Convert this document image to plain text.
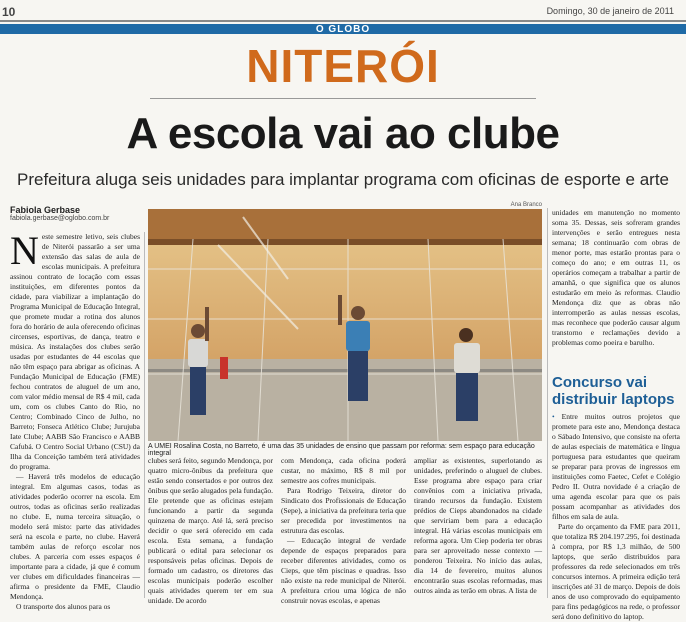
10	Domingo, 30 de janeiro de 2011
O GLOBO
NITERÓI
A escola vai ao clube
Prefeitura aluga seis unidades para implantar programa com oficinas de esporte e arte
Fabiola Gerbase
fabiola.gerbase@oglobo.com.br
Ana Branco
A UMEI Rosalina Costa, no Barreto, é uma das 35 unidades de ensino que passam por reforma: sem espaço para educação integral

Neste semestre letivo, seis clubes de Niterói passarão a ser uma extensão das salas de aula de escolas municipais. A prefeitura assinou contrato de locação com essas instituições, em diferentes pontos da cidade, para viabilizar a implantação do Programa Municipal de Educação Integral, que promete mudar a rotina dos alunos fora do horário de aula oferecendo oficinas circenses, esportivas, de dança, teatro e música. As instalações dos clubes serão usadas por estudantes de 44 escolas que não têm espaço para abrigar as oficinas. A Fundação Municipal de Educação (FME) fechou contratos de aluguel de um ano, com valor médio mensal de R$ 4 mil, cada um, com os clubes Canto do Rio, no Centro; Combinado Cinco de Julho, no Barreto; Fonseca Atlético Clube; Jurujuba Iate Clube; AABB São Francisco e AABB Cafubá. O Centro Social Urbano (CSU) da Ilha da Conceição também terá atividades do programa.

— Haverá três modelos de educação integral. Em algumas casos, todas as atividades poderão ocorrer na escola. Em outros, todas as oficinas serão realizadas no clube. E, numa terceira situação, o modelo será misto: parte das atividades será na escola e parte, no clube. Haverá também aulas de reforço escolar nos clubes. A parceria com esses espaços é importante para a cidade, já que é comum ver clubes em dificuldades financeiras — afirma o presidente da FME, Claudio Mendonça.

O transporte dos alunos para os

clubes será feito, segundo Mendonça, por quatro micro-ônibus da prefeitura que estão sendo consertados e por outros dez ônibus que serão alugados pela fundação. Ele pretende que as oficinas estejam funcionando a partir da segunda quinzena de março. Até lá, será preciso decidir o que será oferecido em cada escola. Esta semana, a fundação publicará o edital para selecionar os responsáveis pelas oficinas. Depois de formado um cadastro, os diretores das escolas municipais poderão escolher quais atividades querem ter em sua unidade. De acordo

com Mendonça, cada oficina poderá custar, no máximo, R$ 8 mil por semestre aos cofres municipais.

Para Rodrigo Teixeira, diretor do Sindicato dos Profissionais de Educação (Sepe), a iniciativa da prefeitura teria que ser precedida por investimentos na estrutura das escolas.

— Educação integral de verdade depende de espaços preparados para receber diferentes atividades, como os Cieps, que têm piscinas e quadras. Isso não existe na rede municipal de Niterói. A prefeitura criou uma lógica de não construir novas escolas, e apenas

ampliar as existentes, superlotando as unidades, preferindo o aluguel de clubes. Esse programa abre espaço para criar convênios com a iniciativa privada, tirando recursos da fundação. Existem prédios de Cieps abandonados na cidade que serviriam bem para a educação integral. Há várias escolas municipais em reforma agora. Um Ciep poderia ter obras para ser aproveitado nesse contexto — ponderou Teixeira. No início das aulas, dia 14 de fevereiro, muitos alunos encontrarão suas escolas reformadas, mas outros ainda as terão em obras. A lista de

unidades em manutenção no momento soma 35. Dessas, seis sofreram grandes intervenções e serão entregues nesta semana; 18 continuarão com obras de menor porte, mas estarão prontas para o começo do ano; e em outras 11, os operários começam a trabalhar a partir de amanhã, o que significa que os alunos estudarão em meio às reformas. Claudio Mendonça diz que as obras não interromperão as aulas nessas escolas, mas reconhece que poderão causar algum transtorno e reclamações devido a problemas como poeira e barulho.

Concurso vai distribuir laptops

• Entre muitos outros projetos que promete para este ano, Mendonça destaca o Sábado Intensivo, que consiste na oferta de aulas especiais de matemática e língua portuguesa para estudantes que queiram se preparar para provas de ingressos em instituições como Faetec, Cefet e Colégio Pedro II. Outra novidade é a criação de uma agenda escolar para que os pais possam acompanhar as atividades dos filhos em sala de aula.

Parte do orçamento da FME para 2011, que totaliza R$ 204.197.295, foi destinada à compra, por R$ 1,3 milhão, de 500 laptops, que serão distribuídos para professores da rede selecionados em três concursos internos. A primeira edição terá inscrições até 31 de março. Depois de dois anos de uso comprovado do equipamento para fins pedagógicos na rede, o professor será dono definitivo do laptop.
